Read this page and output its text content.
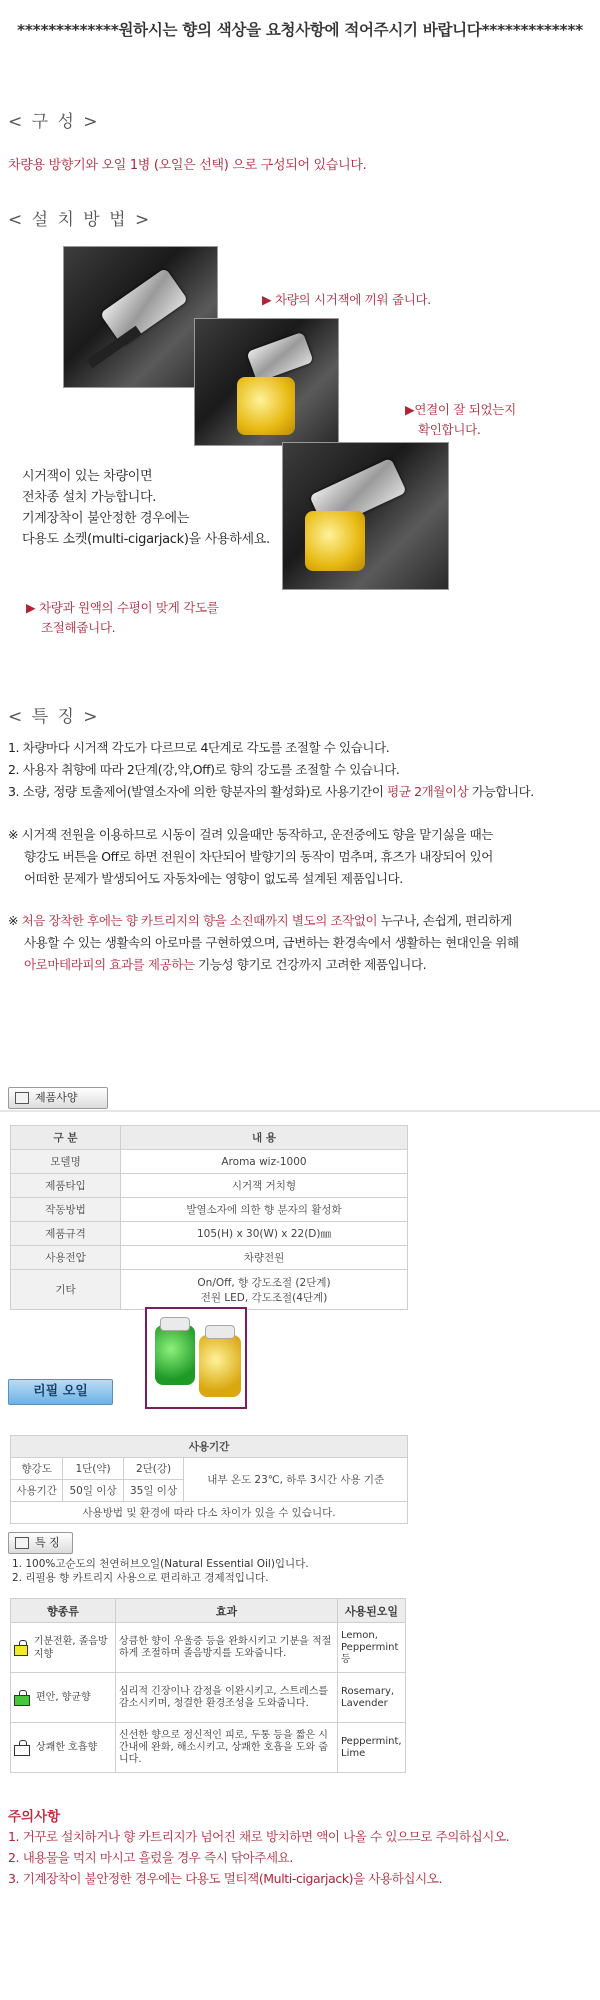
*************원하시는 향의 색상을 요청사항에 적어주시기 바랍니다*************
< 구 성 >
차량용 방향기와 오일 1병 (오일은 선택) 으로 구성되어 있습니다.
< 설 치 방 법 >
▶ 차량의 시거잭에 끼워 줍니다.
▶연결이 잘 되었는지
확인합니다.
시거잭이 있는 차량이면
전차종 설치 가능합니다.
기계장착이 불안정한 경우에는
다용도 소켓(multi-cigarjack)을 사용하세요.
▶ 차량과 원액의 수평이 맞게 각도를
조절해줍니다.
< 특 징 >
1. 차량마다 시거잭 각도가 다르므로 4단계로 각도를 조절할 수 있습니다.
2. 사용자 취향에 따라 2단계(강,약,Off)로 향의 강도를 조절할 수 있습니다.
3. 소량, 정량 토출제어(발열소자에 의한 향분자의 활성화)로 사용기간이 평균 2개월이상 가능합니다.
※ 시거잭 전원을 이용하므로 시동이 걸려 있을때만 동작하고, 운전중에도 향을 맡기싫을 때는
향강도 버튼을 Off로 하면 전원이 차단되어 발향기의 동작이 멈추며, 휴즈가 내장되어 있어
어떠한 문제가 발생되어도 자동차에는 영향이 없도록 설계된 제품입니다.
※ 처음 장착한 후에는 향 카트리지의 향을 소진때까지 별도의 조작없이 누구나, 손쉽게, 편리하게
사용할 수 있는 생활속의 아로마를 구현하였으며, 급변하는 환경속에서 생활하는 현대인을 위해
아로마테라피의 효과를 제공하는 기능성 향기로 건강까지 고려한 제품입니다.
제품사양
구 분	내 용
모델명	Aroma wiz-1000
제품타입	시거잭 거치형
작동방법	발열소자에 의한 향 분자의 활성화
제품규격	105(H) x 30(W) x 22(D)㎜
사용전압	차량전원
기타	On/Off, 향 강도조절 (2단계)
전원 LED, 각도조절(4단계)
리필 오일
사용기간			
향강도	1단(약)	2단(강)	내부 온도 23℃, 하루 3시간 사용 기준
사용기간	50일 이상	35일 이상	
사용방법 및 환경에 따라 다소 차이가 있을 수 있습니다.			
특 징
1. 100%고순도의 천연허브오일(Natural Essential Oil)입니다.
2. 리필용 향 카트리지 사용으로 편리하고 경제적입니다.
향종류	효과	사용된오일

기분전환, 졸음방지향	상큼한 향이 우울증 등을 완화시키고 기분을 적절하게 조절하며 졸음방지를 도와줍니다.	Lemon, Peppermint 등

편안, 향균향	심리적 긴장이나 감정을 이완시키고, 스트레스를 감소시키며, 청결한 환경조성을 도와줍니다.	Rosemary, Lavender

상쾌한 호흡향	신선한 향으로 정신적인 피로, 두통 등을 짧은 시간내에 완화, 해소시키고, 상쾌한 호흡을 도와 줍니다.	Peppermint, Lime
주의사항
1. 거꾸로 설치하거나 향 카트리지가 넘어진 채로 방치하면 액이 나올 수 있으므로 주의하십시오.
2. 내용물을 먹지 마시고 흘렀을 경우 즉시 닦아주세요.
3. 기계장착이 불안정한 경우에는 다용도 멀티잭(Multi-cigarjack)을 사용하십시오.
